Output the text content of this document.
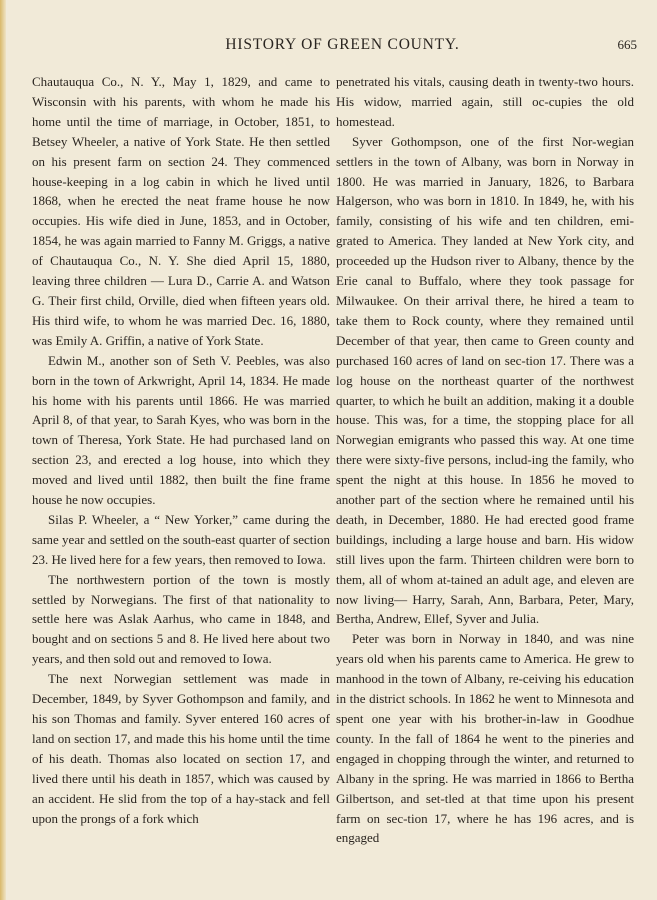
HISTORY OF GREEN COUNTY.	665

Chautauqua Co., N. Y., May 1, 1829, and came to Wisconsin with his parents, with whom he made his home until the time of marriage, in October, 1851, to Betsey Wheeler, a native of York State. He then settled on his present farm on section 24. They commenced house-keeping in a log cabin in which he lived until 1868, when he erected the neat frame house he now occupies. His wife died in June, 1853, and in October, 1854, he was again married to Fanny M. Griggs, a native of Chautauqua Co., N. Y. She died April 15, 1880, leaving three children — Lura D., Carrie A. and Watson G. Their first child, Orville, died when fifteen years old. His third wife, to whom he was married Dec. 16, 1880, was Emily A. Griffin, a native of York State.

Edwin M., another son of Seth V. Peebles, was also born in the town of Arkwright, April 14, 1834. He made his home with his parents until 1866. He was married April 8, of that year, to Sarah Kyes, who was born in the town of Theresa, York State. He had purchased land on section 23, and erected a log house, into which they moved and lived until 1882, then built the fine frame house he now occupies.

Silas P. Wheeler, a “ New Yorker,” came during the same year and settled on the south-east quarter of section 23. He lived here for a few years, then removed to Iowa.

The northwestern portion of the town is mostly settled by Norwegians. The first of that nationality to settle here was Aslak Aarhus, who came in 1848, and bought and on sections 5 and 8. He lived here about two years, and then sold out and removed to Iowa.

The next Norwegian settlement was made in December, 1849, by Syver Gothompson and family, and his son Thomas and family. Syver entered 160 acres of land on section 17, and made this his home until the time of his death. Thomas also located on section 17, and lived there until his death in 1857, which was caused by an accident. He slid from the top of a hay-stack and fell upon the prongs of a fork which

penetrated his vitals, causing death in twenty-two hours. His widow, married again, still oc-cupies the old homestead.

Syver Gothompson, one of the first Nor-wegian settlers in the town of Albany, was born in Norway in 1800. He was married in January, 1826, to Barbara Halgerson, who was born in 1810. In 1849, he, with his family, consisting of his wife and ten children, emi-grated to America. They landed at New York city, and proceeded up the Hudson river to Albany, thence by the Erie canal to Buffalo, where they took passage for Milwaukee. On their arrival there, he hired a team to take them to Rock county, where they remained until December of that year, then came to Green county and purchased 160 acres of land on sec-tion 17. There was a log house on the northeast quarter of the northwest quarter, to which he built an addition, making it a double house. This was, for a time, the stopping place for all Norwegian emigrants who passed this way. At one time there were sixty-five persons, includ-ing the family, who spent the night at this house. In 1856 he moved to another part of the section where he remained until his death, in December, 1880. He had erected good frame buildings, including a large house and barn. His widow still lives upon the farm. Thirteen children were born to them, all of whom at-tained an adult age, and eleven are now living— Harry, Sarah, Ann, Barbara, Peter, Mary, Bertha, Andrew, Ellef, Syver and Julia.

Peter was born in Norway in 1840, and was nine years old when his parents came to America. He grew to manhood in the town of Albany, re-ceiving his education in the district schools. In 1862 he went to Minnesota and spent one year with his brother-in-law in Goodhue county. In the fall of 1864 he went to the pineries and engaged in chopping through the winter, and returned to Albany in the spring. He was married in 1866 to Bertha Gilbertson, and set-tled at that time upon his present farm on sec-tion 17, where he has 196 acres, and is engaged
